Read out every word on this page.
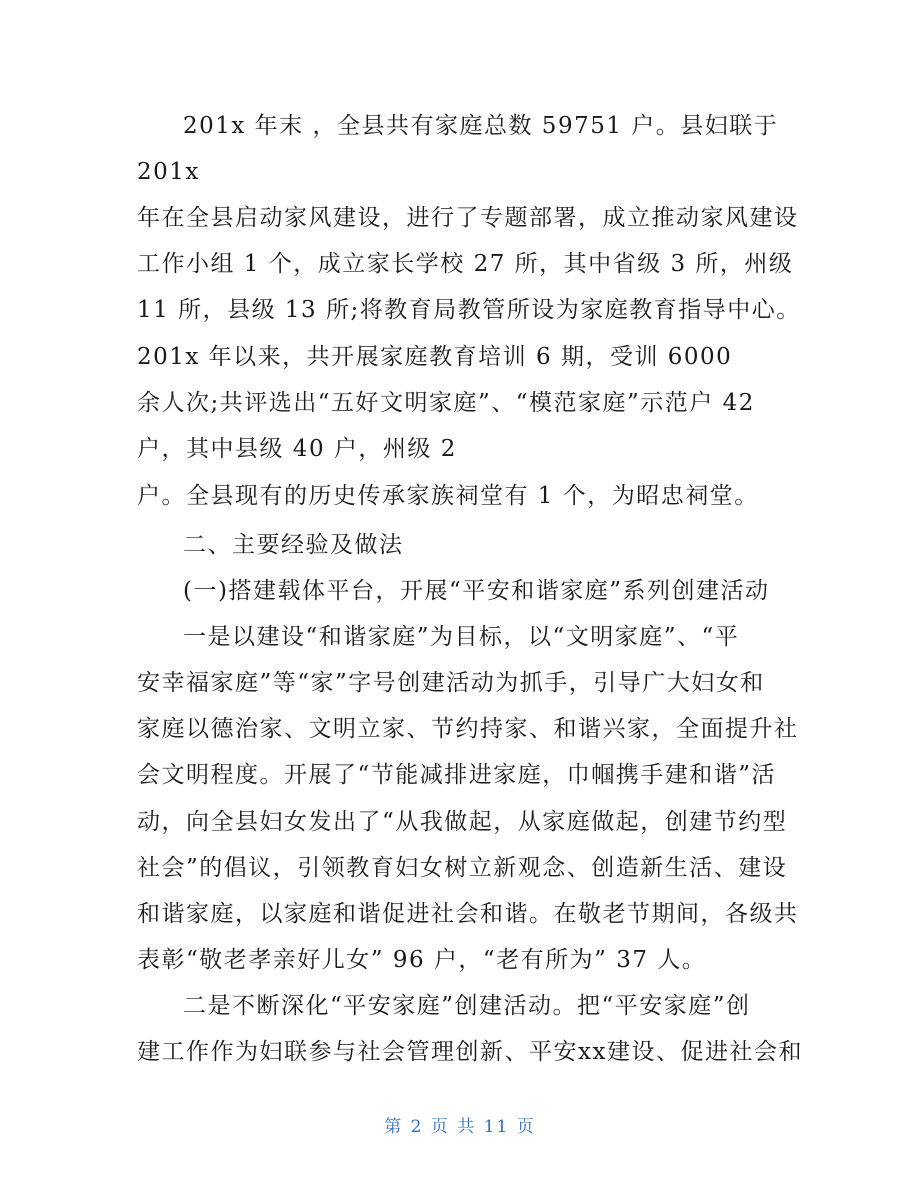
201x 年末 ，全县共有家庭总数 59751 户。县妇联于
201x
年在全县启动家风建设，进行了专题部署，成立推动家风建设
工作小组 1 个，成立家长学校 27 所，其中省级 3 所，州级
11 所，县级 13 所;将教育局教管所设为家庭教育指导中心。
201x 年以来，共开展家庭教育培训 6 期，受训 6000
余人次;共评选出“五好文明家庭”、“模范家庭”示范户 42
户，其中县级 40 户，州级 2
户。全县现有的历史传承家族祠堂有 1 个，为昭忠祠堂。
二、主要经验及做法
(一)搭建载体平台，开展“平安和谐家庭”系列创建活动
一是以建设“和谐家庭”为目标，以“文明家庭”、“平
安幸福家庭”等“家”字号创建活动为抓手，引导广大妇女和
家庭以德治家、文明立家、节约持家、和谐兴家，全面提升社
会文明程度。开展了“节能减排进家庭，巾帼携手建和谐”活
动，向全县妇女发出了“从我做起，从家庭做起，创建节约型
社会”的倡议，引领教育妇女树立新观念、创造新生活、建设
和谐家庭，以家庭和谐促进社会和谐。在敬老节期间，各级共
表彰“敬老孝亲好儿女” 96 户，“老有所为” 37 人。
二是不断深化“平安家庭”创建活动。把“平安家庭”创
建工作作为妇联参与社会管理创新、平安xx建设、促进社会和
第 2 页 共 11 页
